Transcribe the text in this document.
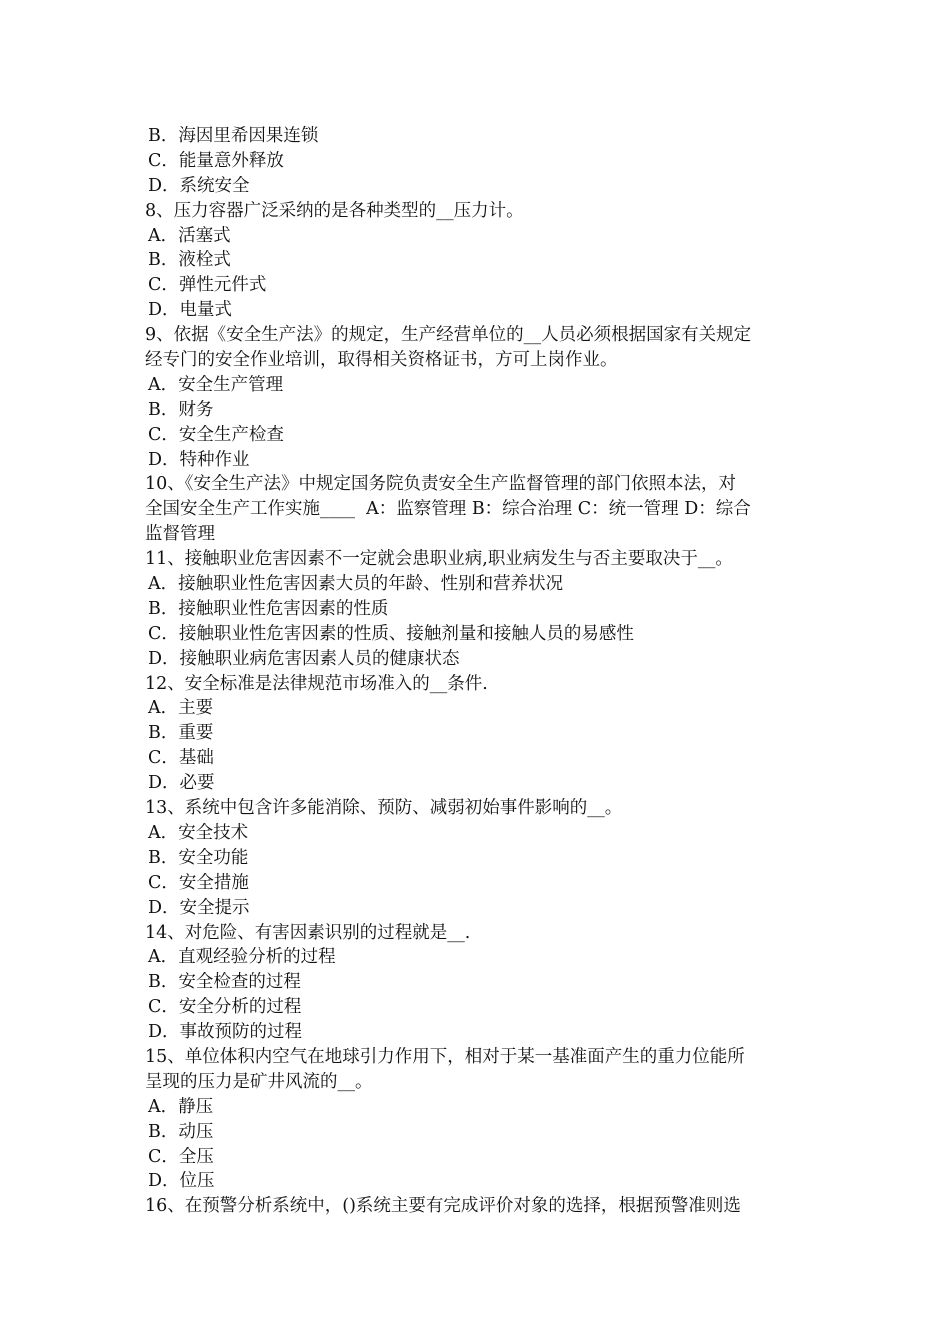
B．海因里希因果连锁
C．能量意外释放
D．系统安全
8、压力容器广泛采纳的是各种类型的__压力计。
A．活塞式
B．液栓式
C．弹性元件式
D．电量式
9、依据《安全生产法》的规定，生产经营单位的__人员必须根据国家有关规定
经专门的安全作业培训，取得相关资格证书，方可上岗作业。
A．安全生产管理
B．财务
C．安全生产检查
D．特种作业
10、《安全生产法》中规定国务院负责安全生产监督管理的部门依照本法，对
全国安全生产工作实施____  A：监察管理 B：综合治理 C：统一管理 D：综合
监督管理
11、接触职业危害因素不一定就会患职业病,职业病发生与否主要取决于__。
A．接触职业性危害因素大员的年龄、性别和营养状况
B．接触职业性危害因素的性质
C．接触职业性危害因素的性质、接触剂量和接触人员的易感性
D．接触职业病危害因素人员的健康状态
12、安全标准是法律规范市场准入的__条件.
A．主要
B．重要
C．基础
D．必要
13、系统中包含许多能消除、预防、减弱初始事件影响的__。
A．安全技术
B．安全功能
C．安全措施
D．安全提示
14、对危险、有害因素识别的过程就是__.
A．直观经验分析的过程
B．安全检查的过程
C．安全分析的过程
D．事故预防的过程
15、单位体积内空气在地球引力作用下，相对于某一基准面产生的重力位能所
呈现的压力是矿井风流的__。
A．静压
B．动压
C．全压
D．位压
16、在预警分析系统中，()系统主要有完成评价对象的选择，根据预警准则选
